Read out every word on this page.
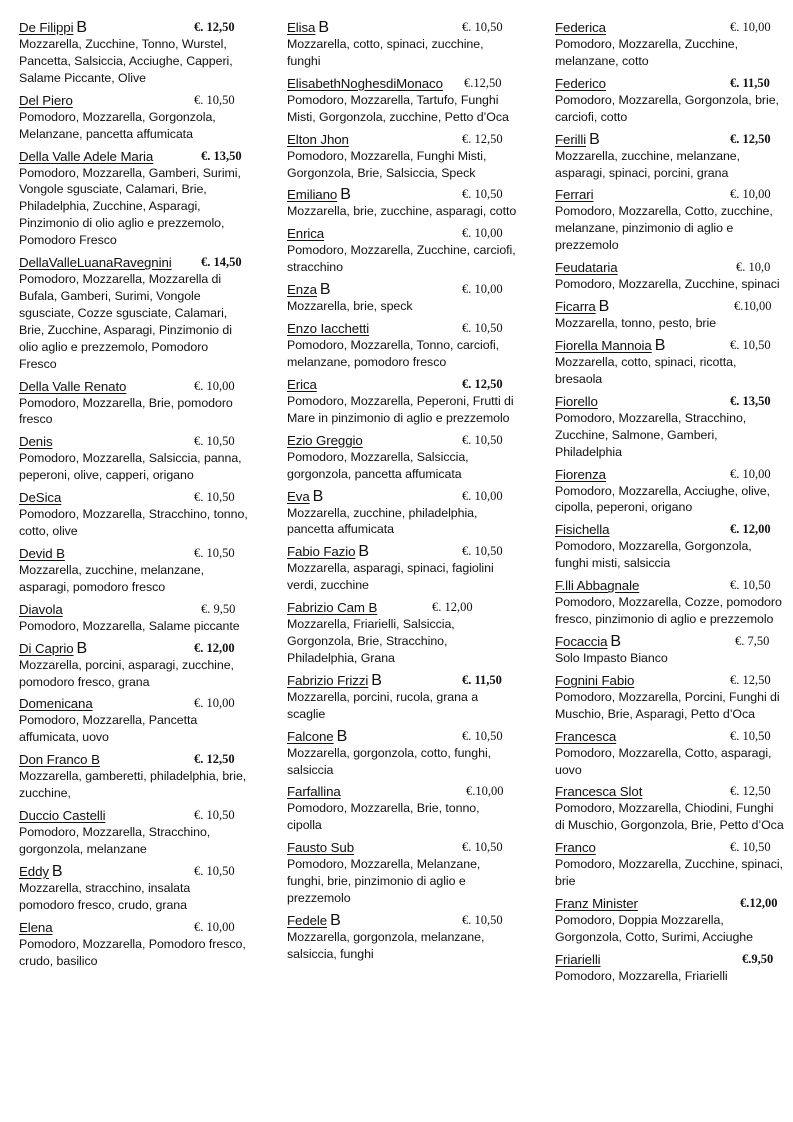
De Filippi B	€. 12,50
Mozzarella, Zucchine, Tonno, Wurstel, Pancetta, Salsiccia, Acciughe, Capperi, Salame Piccante, Olive
Del Piero	€. 10,50
Pomodoro, Mozzarella, Gorgonzola, Melanzane, pancetta affumicata
Della Valle Adele Maria	€. 13,50
Pomodoro, Mozzarella, Gamberi, Surimi, Vongole sgusciate, Calamari, Brie, Philadelphia, Zucchine, Asparagi, Pinzimonio di olio aglio e prezzemolo, Pomodoro Fresco
DellaValleLuanaRavegnini €. 14,50
Pomodoro, Mozzarella, Mozzarella di Bufala, Gamberi, Surimi, Vongole sgusciate, Cozze sgusciate, Calamari, Brie, Zucchine, Asparagi, Pinzimonio di olio aglio e prezzemolo, Pomodoro Fresco
Della Valle Renato	€. 10,00
Pomodoro, Mozzarella, Brie, pomodoro fresco
Denis	€. 10,50
Pomodoro, Mozzarella, Salsiccia, panna, peperoni, olive, capperi, origano
DeSica	€. 10,50
Pomodoro, Mozzarella, Stracchino, tonno, cotto, olive
Devid B	€. 10,50
Mozzarella, zucchine, melanzane, asparagi, pomodoro fresco
Diavola	€. 9,50
Pomodoro, Mozzarella, Salame piccante
Di Caprio B	€. 12,00
Mozzarella, porcini, asparagi, zucchine, pomodoro fresco, grana
Domenicana	€. 10,00
Pomodoro, Mozzarella, Pancetta affumicata, uovo
Don Franco B	€. 12,50
Mozzarella, gamberetti, philadelphia, brie, zucchine,
Duccio Castelli	€. 10,50
Pomodoro, Mozzarella, Stracchino, gorgonzola, melanzane
Eddy B	€. 10,50
Mozzarella, stracchino, insalata pomodoro fresco, crudo, grana
Elena	€. 10,00
Pomodoro, Mozzarella, Pomodoro fresco, crudo, basilico
Elisa B	€. 10,50
Mozzarella, cotto, spinaci, zucchine, funghi
ElisabethNoghesdiMonaco €.12,50
Pomodoro, Mozzarella, Tartufo, Funghi Misti, Gorgonzola, zucchine, Petto d’Oca
Elton Jhon	€. 12,50
Pomodoro, Mozzarella, Funghi Misti, Gorgonzola, Brie, Salsiccia, Speck
Emiliano B	€. 10,50
Mozzarella, brie, zucchine, asparagi, cotto
Enrica	€. 10,00
Pomodoro, Mozzarella, Zucchine, carciofi, stracchino
Enza B	€. 10,00
Mozzarella, brie, speck
Enzo Iacchetti	€. 10,50
Pomodoro, Mozzarella, Tonno, carciofi, melanzane, pomodoro fresco
Erica	€. 12,50
Pomodoro, Mozzarella, Peperoni, Frutti di Mare in pinzimonio di aglio e prezzemolo
Ezio Greggio	€. 10,50
Pomodoro, Mozzarella, Salsiccia, gorgonzola, pancetta affumicata
Eva B	€. 10,00
Mozzarella, zucchine, philadelphia, pancetta affumicata
Fabio Fazio B	€. 10,50
Mozzarella, asparagi, spinaci, fagiolini verdi, zucchine
Fabrizio Cam B	€. 12,00
Mozzarella, Friarielli, Salsiccia, Gorgonzola, Brie, Stracchino, Philadelphia, Grana
Fabrizio Frizzi B	€. 11,50
Mozzarella, porcini, rucola, grana a scaglie
Falcone B	€. 10,50
Mozzarella, gorgonzola, cotto, funghi, salsiccia
Farfallina	€.10,00
Pomodoro, Mozzarella, Brie, tonno, cipolla
Fausto Sub	€. 10,50
Pomodoro, Mozzarella, Melanzane, funghi, brie, pinzimonio di aglio e prezzemolo
Fedele B	€. 10,50
Mozzarella, gorgonzola, melanzane, salsiccia, funghi
Federica	€. 10,00
Pomodoro, Mozzarella, Zucchine, melanzane, cotto
Federico	€. 11,50
Pomodoro, Mozzarella, Gorgonzola, brie, carciofi, cotto
Ferilli B	€. 12,50
Mozzarella, zucchine, melanzane, asparagi, spinaci, porcini, grana
Ferrari	€. 10,00
Pomodoro, Mozzarella, Cotto, zucchine, melanzane, pinzimonio di aglio e prezzemolo
Feudataria	€. 10,0
Pomodoro, Mozzarella, Zucchine, spinaci
Ficarra B	€.10,00
Mozzarella, tonno, pesto, brie
Fiorella Mannoia B	€. 10,50
Mozzarella, cotto, spinaci, ricotta, bresaola
Fiorello	€. 13,50
Pomodoro, Mozzarella, Stracchino, Zucchine, Salmone, Gamberi, Philadelphia
Fiorenza	€. 10,00
Pomodoro, Mozzarella, Acciughe, olive, cipolla, peperoni, origano
Fisichella	€. 12,00
Pomodoro, Mozzarella, Gorgonzola, funghi misti, salsiccia
F.lli Abbagnale	€. 10,50
Pomodoro, Mozzarella, Cozze, pomodoro fresco, pinzimonio di aglio e prezzemolo
Focaccia B	€. 7,50
Solo Impasto Bianco
Fognini Fabio	€. 12,50
Pomodoro, Mozzarella, Porcini, Funghi di Muschio, Brie, Asparagi, Petto d’Oca
Francesca	€. 10,50
Pomodoro, Mozzarella, Cotto, asparagi, uovo
Francesca Slot	€. 12,50
Pomodoro, Mozzarella, Chiodini, Funghi di Muschio, Gorgonzola, Brie, Petto d’Oca
Franco	€. 10,50
Pomodoro, Mozzarella, Zucchine, spinaci, brie
Franz Minister	€.12,00
Pomodoro, Doppia Mozzarella, Gorgonzola, Cotto, Surimi, Acciughe
Friarielli	€.9,50
Pomodoro, Mozzarella, Friarielli
